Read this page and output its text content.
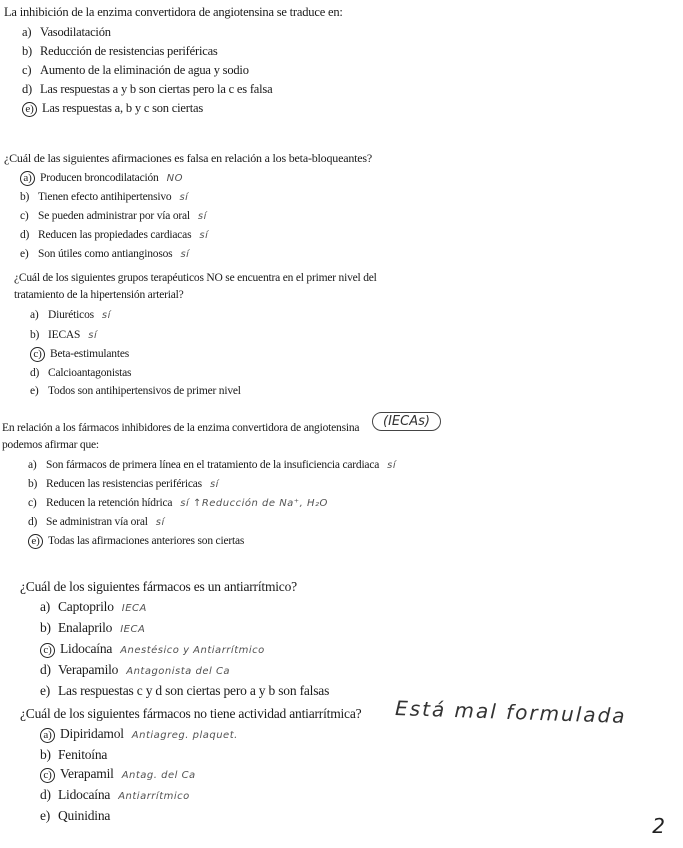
La inhibición de la enzima convertidora de angiotensina se traduce en:
a) Vasodilatación
b) Reducción de resistencias periféricas
c) Aumento de la eliminación de agua y sodio
d) Las respuestas a y b son ciertas pero la c es falsa
e) Las respuestas a, b y c son ciertas
¿Cuál de las siguientes afirmaciones es falsa en relación a los beta-bloqueantes?
a) Producen broncodilatación NO
b) Tienen efecto antihipertensivo sí
c) Se pueden administrar por vía oral sí
d) Reducen las propiedades cardiacas sí
e) Son útiles como antianginosos sí
¿Cuál de los siguientes grupos terapéuticos NO se encuentra en el primer nivel del
tratamiento de la hipertensión arterial?
a) Diuréticos sí
b) IECAS sí
c) Beta-estimulantes
d) Calcioantagonistas
e) Todos son antihipertensivos de primer nivel
En relación a los fármacos inhibidores de la enzima convertidora de angiotensina
podemos afirmar que:
a) Son fármacos de primera línea en el tratamiento de la insuficiencia cardiaca sí
b) Reducen las resistencias periféricas sí
c) Reducen la retención hídrica sí ↑Reducción de Na⁺, H₂O
d) Se administran vía oral sí
e) Todas las afirmaciones anteriores son ciertas
(IECAs)
¿Cuál de los siguientes fármacos es un antiarrítmico?
a) Captoprilo IECA
b) Enalaprilo IECA
c) Lidocaína Anestésico y Antiarrítmico
d) Verapamilo Antagonista del Ca
e) Las respuestas c y d son ciertas pero a y b son falsas
¿Cuál de los siguientes fármacos no tiene actividad antiarrítmica?
a) Dipiridamol Antiagreg. plaquet.
b) Fenitoína
c) Verapamil Antag. del Ca
d) Lidocaína Antiarrítmico
e) Quinidina
Está mal formulada
2
